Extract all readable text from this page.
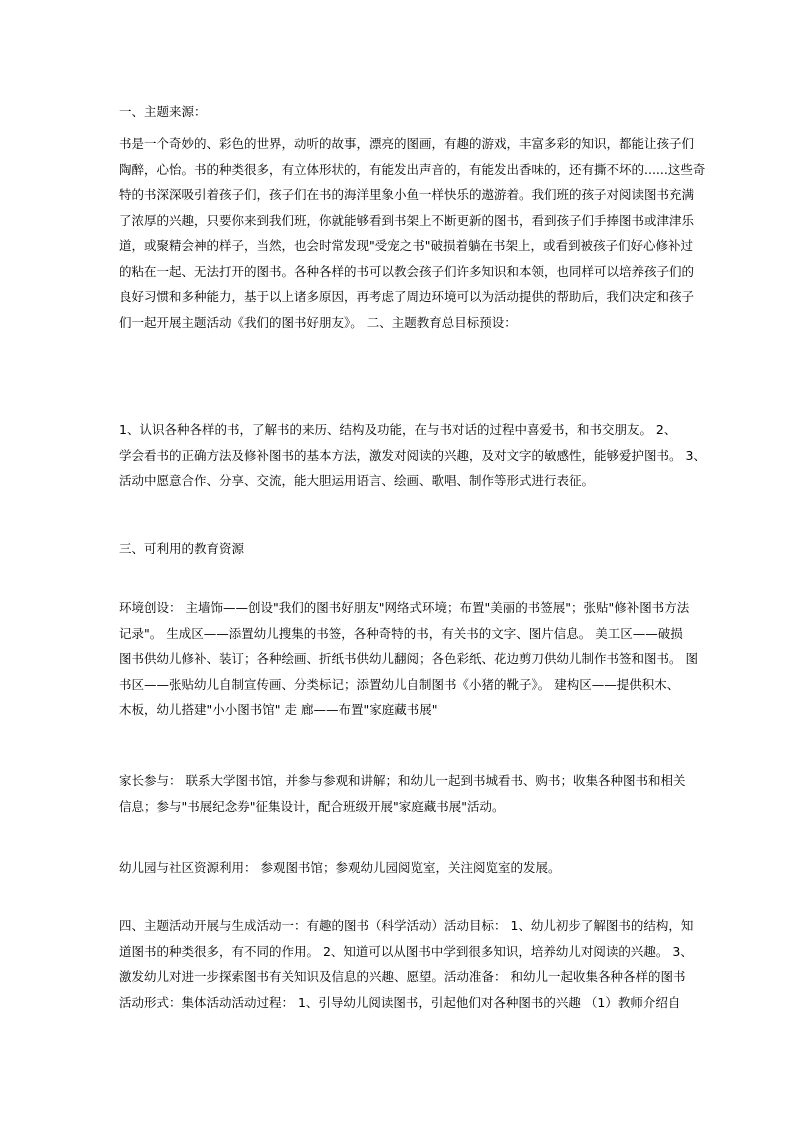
一、主题来源：
书是一个奇妙的、彩色的世界，动听的故事，漂亮的图画，有趣的游戏，丰富多彩的知识，都能让孩子们
陶醉，心怡。书的种类很多，有立体形状的，有能发出声音的，有能发出香味的，还有撕不坏的......这些奇
特的书深深吸引着孩子们，孩子们在书的海洋里象小鱼一样快乐的遨游着。我们班的孩子对阅读图书充满
了浓厚的兴趣，只要你来到我们班，你就能够看到书架上不断更新的图书，看到孩子们手捧图书或津津乐
道，或聚精会神的样子，当然，也会时常发现"受宠之书"破损着躺在书架上，或看到被孩子们好心修补过
的粘在一起、无法打开的图书。各种各样的书可以教会孩子们许多知识和本领，也同样可以培养孩子们的
良好习惯和多种能力，基于以上诸多原因，再考虑了周边环境可以为活动提供的帮助后，我们决定和孩子
们一起开展主题活动《我们的图书好朋友》。 二、主题教育总目标预设：
1、认识各种各样的书，了解书的来历、结构及功能，在与书对话的过程中喜爱书，和书交朋友。 2、
学会看书的正确方法及修补图书的基本方法，激发对阅读的兴趣，及对文字的敏感性，能够爱护图书。 3、
活动中愿意合作、分享、交流，能大胆运用语言、绘画、歌唱、制作等形式进行表征。
三、可利用的教育资源
环境创设： 主墙饰——创设"我们的图书好朋友"网络式环境；布置"美丽的书签展"；张贴"修补图书方法
记录"。 生成区——添置幼儿搜集的书签，各种奇特的书，有关书的文字、图片信息。 美工区——破损
图书供幼儿修补、装订；各种绘画、折纸书供幼儿翻阅；各色彩纸、花边剪刀供幼儿制作书签和图书。 图
书区——张贴幼儿自制宣传画、分类标记；添置幼儿自制图书《小猪的靴子》。 建构区——提供积木、
木板，幼儿搭建"小小图书馆" 走 廊——布置"家庭藏书展"
家长参与： 联系大学图书馆，并参与参观和讲解；和幼儿一起到书城看书、购书；收集各种图书和相关
信息；参与"书展纪念券"征集设计，配合班级开展"家庭藏书展"活动。
幼儿园与社区资源利用： 参观图书馆；参观幼儿园阅览室，关注阅览室的发展。
四、主题活动开展与生成活动一：有趣的图书（科学活动）活动目标： 1、幼儿初步了解图书的结构，知
道图书的种类很多，有不同的作用。 2、知道可以从图书中学到很多知识，培养幼儿对阅读的兴趣。 3、
激发幼儿对进一步探索图书有关知识及信息的兴趣、愿望。活动准备： 和幼儿一起收集各种各样的图书
活动形式：集体活动活动过程： 1、引导幼儿阅读图书，引起他们对各种图书的兴趣 （1）教师介绍自
